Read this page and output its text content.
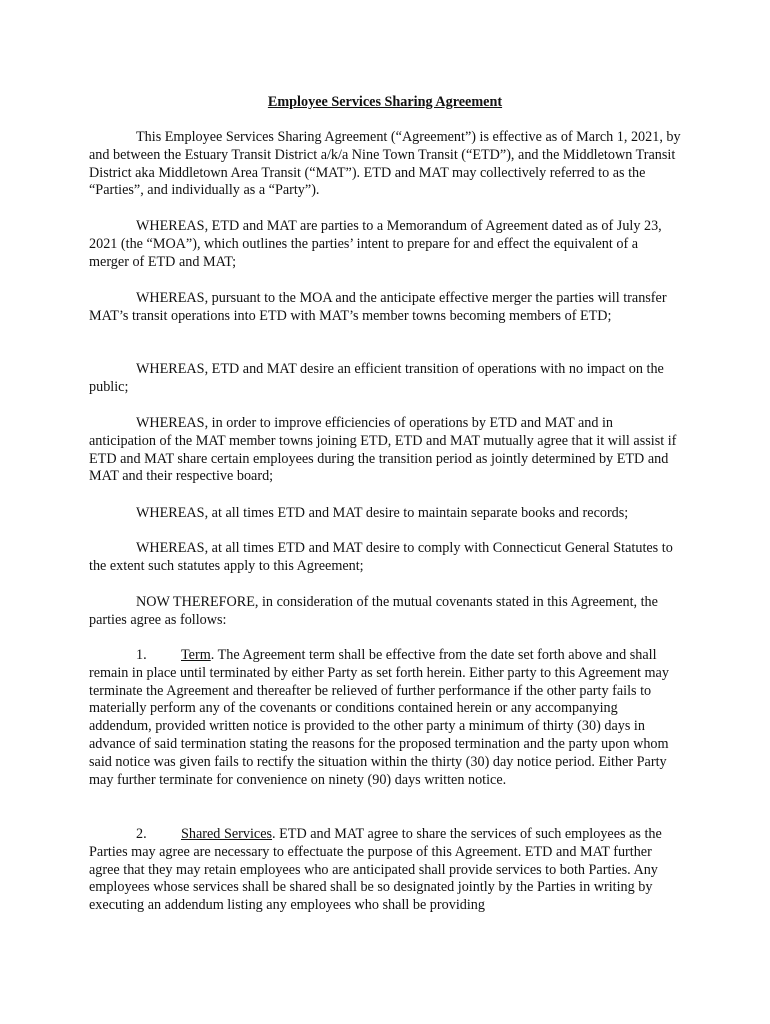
Employee Services Sharing Agreement

This Employee Services Sharing Agreement (“Agreement”) is effective as of March 1, 2021, by and between the Estuary Transit District a/k/a Nine Town Transit (“ETD”), and the Middletown Transit District aka Middletown Area Transit (“MAT”). ETD and MAT may collectively referred to as the “Parties”, and individually as a “Party”).

WHEREAS, ETD and MAT are parties to a Memorandum of Agreement dated as of July 23, 2021 (the “MOA”), which outlines the parties’ intent to prepare for and effect the equivalent of a merger of ETD and MAT;

WHEREAS, pursuant to the MOA and the anticipate effective merger the parties will transfer MAT’s transit operations into ETD with MAT’s member towns becoming members of ETD;

WHEREAS, ETD and MAT desire an efficient transition of operations with no impact on the public;

WHEREAS, in order to improve efficiencies of operations by ETD and MAT and in anticipation of the MAT member towns joining ETD, ETD and MAT mutually agree that it will assist if ETD and MAT share certain employees during the transition period as jointly determined by ETD and MAT and their respective board;

WHEREAS, at all times ETD and MAT desire to maintain separate books and records;

WHEREAS, at all times ETD and MAT desire to comply with Connecticut General Statutes to the extent such statutes apply to this Agreement;

NOW THEREFORE, in consideration of the mutual covenants stated in this Agreement, the parties agree as follows:

1. Term. The Agreement term shall be effective from the date set forth above and shall remain in place until terminated by either Party as set forth herein. Either party to this Agreement may terminate the Agreement and thereafter be relieved of further performance if the other party fails to materially perform any of the covenants or conditions contained herein or any accompanying addendum, provided written notice is provided to the other party a minimum of thirty (30) days in advance of said termination stating the reasons for the proposed termination and the party upon whom said notice was given fails to rectify the situation within the thirty (30) day notice period. Either Party may further terminate for convenience on ninety (90) days written notice.

2. Shared Services. ETD and MAT agree to share the services of such employees as the Parties may agree are necessary to effectuate the purpose of this Agreement. ETD and MAT further agree that they may retain employees who are anticipated shall provide services to both Parties. Any employees whose services shall be shared shall be so designated jointly by the Parties in writing by executing an addendum listing any employees who shall be providing
